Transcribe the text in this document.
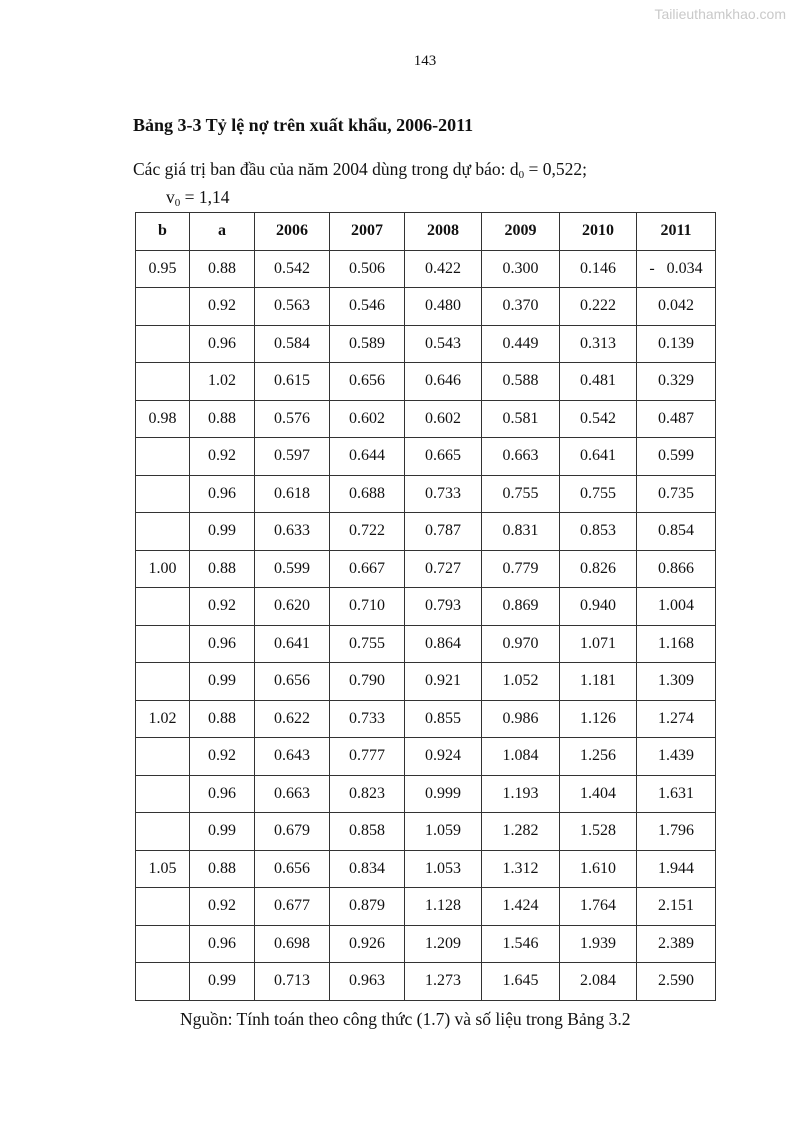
Tailieuthamkhao.com
143
Bảng 3-3 Tỷ lệ nợ trên xuất khẩu, 2006-2011
Các giá trị ban đầu của năm 2004 dùng trong dự báo: $d_0 = 0,522$;
$v_0 = 1,14$
b	a	2006	2007	2008	2009	2010	2011
0.95	0.88	0.542	0.506	0.422	0.300	0.146	-   0.034
	0.92	0.563	0.546	0.480	0.370	0.222	0.042
	0.96	0.584	0.589	0.543	0.449	0.313	0.139
	1.02	0.615	0.656	0.646	0.588	0.481	0.329
0.98	0.88	0.576	0.602	0.602	0.581	0.542	0.487
	0.92	0.597	0.644	0.665	0.663	0.641	0.599
	0.96	0.618	0.688	0.733	0.755	0.755	0.735
	0.99	0.633	0.722	0.787	0.831	0.853	0.854
1.00	0.88	0.599	0.667	0.727	0.779	0.826	0.866
	0.92	0.620	0.710	0.793	0.869	0.940	1.004
	0.96	0.641	0.755	0.864	0.970	1.071	1.168
	0.99	0.656	0.790	0.921	1.052	1.181	1.309
1.02	0.88	0.622	0.733	0.855	0.986	1.126	1.274
	0.92	0.643	0.777	0.924	1.084	1.256	1.439
	0.96	0.663	0.823	0.999	1.193	1.404	1.631
	0.99	0.679	0.858	1.059	1.282	1.528	1.796
1.05	0.88	0.656	0.834	1.053	1.312	1.610	1.944
	0.92	0.677	0.879	1.128	1.424	1.764	2.151
	0.96	0.698	0.926	1.209	1.546	1.939	2.389
	0.99	0.713	0.963	1.273	1.645	2.084	2.590
Nguồn: Tính toán theo công thức (1.7) và số liệu trong Bảng 3.2
